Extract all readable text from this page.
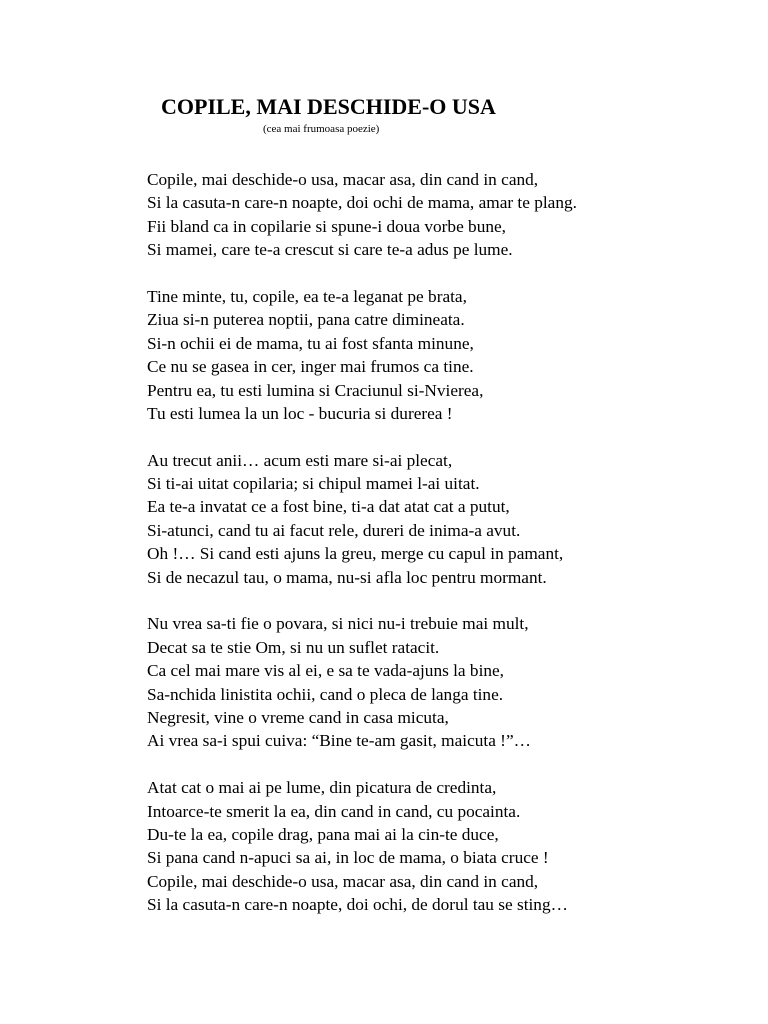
COPILE, MAI DESCHIDE-O USA

(cea mai frumoasa poezie)

Copile, mai deschide-o usa, macar asa, din cand in cand,
Si la casuta-n care-n noapte, doi ochi de mama, amar te plang.
Fii bland ca in copilarie si spune-i doua vorbe bune,
Si mamei, care te-a crescut si care te-a adus pe lume.
Tine minte, tu, copile, ea te-a leganat pe brata,
Ziua si-n puterea noptii, pana catre dimineata.
Si-n ochii ei de mama, tu ai fost sfanta minune,
Ce nu se gasea in cer, inger mai frumos ca tine.
Pentru ea, tu esti lumina si Craciunul si-Nvierea,
Tu esti lumea la un loc - bucuria si durerea !
Au trecut anii… acum esti mare si-ai plecat,
Si ti-ai uitat copilaria; si chipul mamei l-ai uitat.
Ea te-a invatat ce a fost bine, ti-a dat atat cat a putut,
Si-atunci, cand tu ai facut rele, dureri de inima-a avut.
Oh !… Si cand esti ajuns la greu, merge cu capul in pamant,
Si de necazul tau, o mama, nu-si afla loc pentru mormant.
Nu vrea sa-ti fie o povara, si nici nu-i trebuie mai mult,
Decat sa te stie Om, si nu un suflet ratacit.
Ca cel mai mare vis al ei, e sa te vada-ajuns la bine,
Sa-nchida linistita ochii, cand o pleca de langa tine.
Negresit, vine o vreme cand in casa micuta,
Ai vrea sa-i spui cuiva: “Bine te-am gasit, maicuta !”…
Atat cat o mai ai pe lume, din picatura de credinta,
Intoarce-te smerit la ea, din cand in cand, cu pocainta.
Du-te la ea, copile drag, pana mai ai la cin-te duce,
Si pana cand n-apuci sa ai, in loc de mama, o biata cruce !
Copile, mai deschide-o usa, macar asa, din cand in cand,
Si la casuta-n care-n noapte, doi ochi, de dorul tau se sting…
